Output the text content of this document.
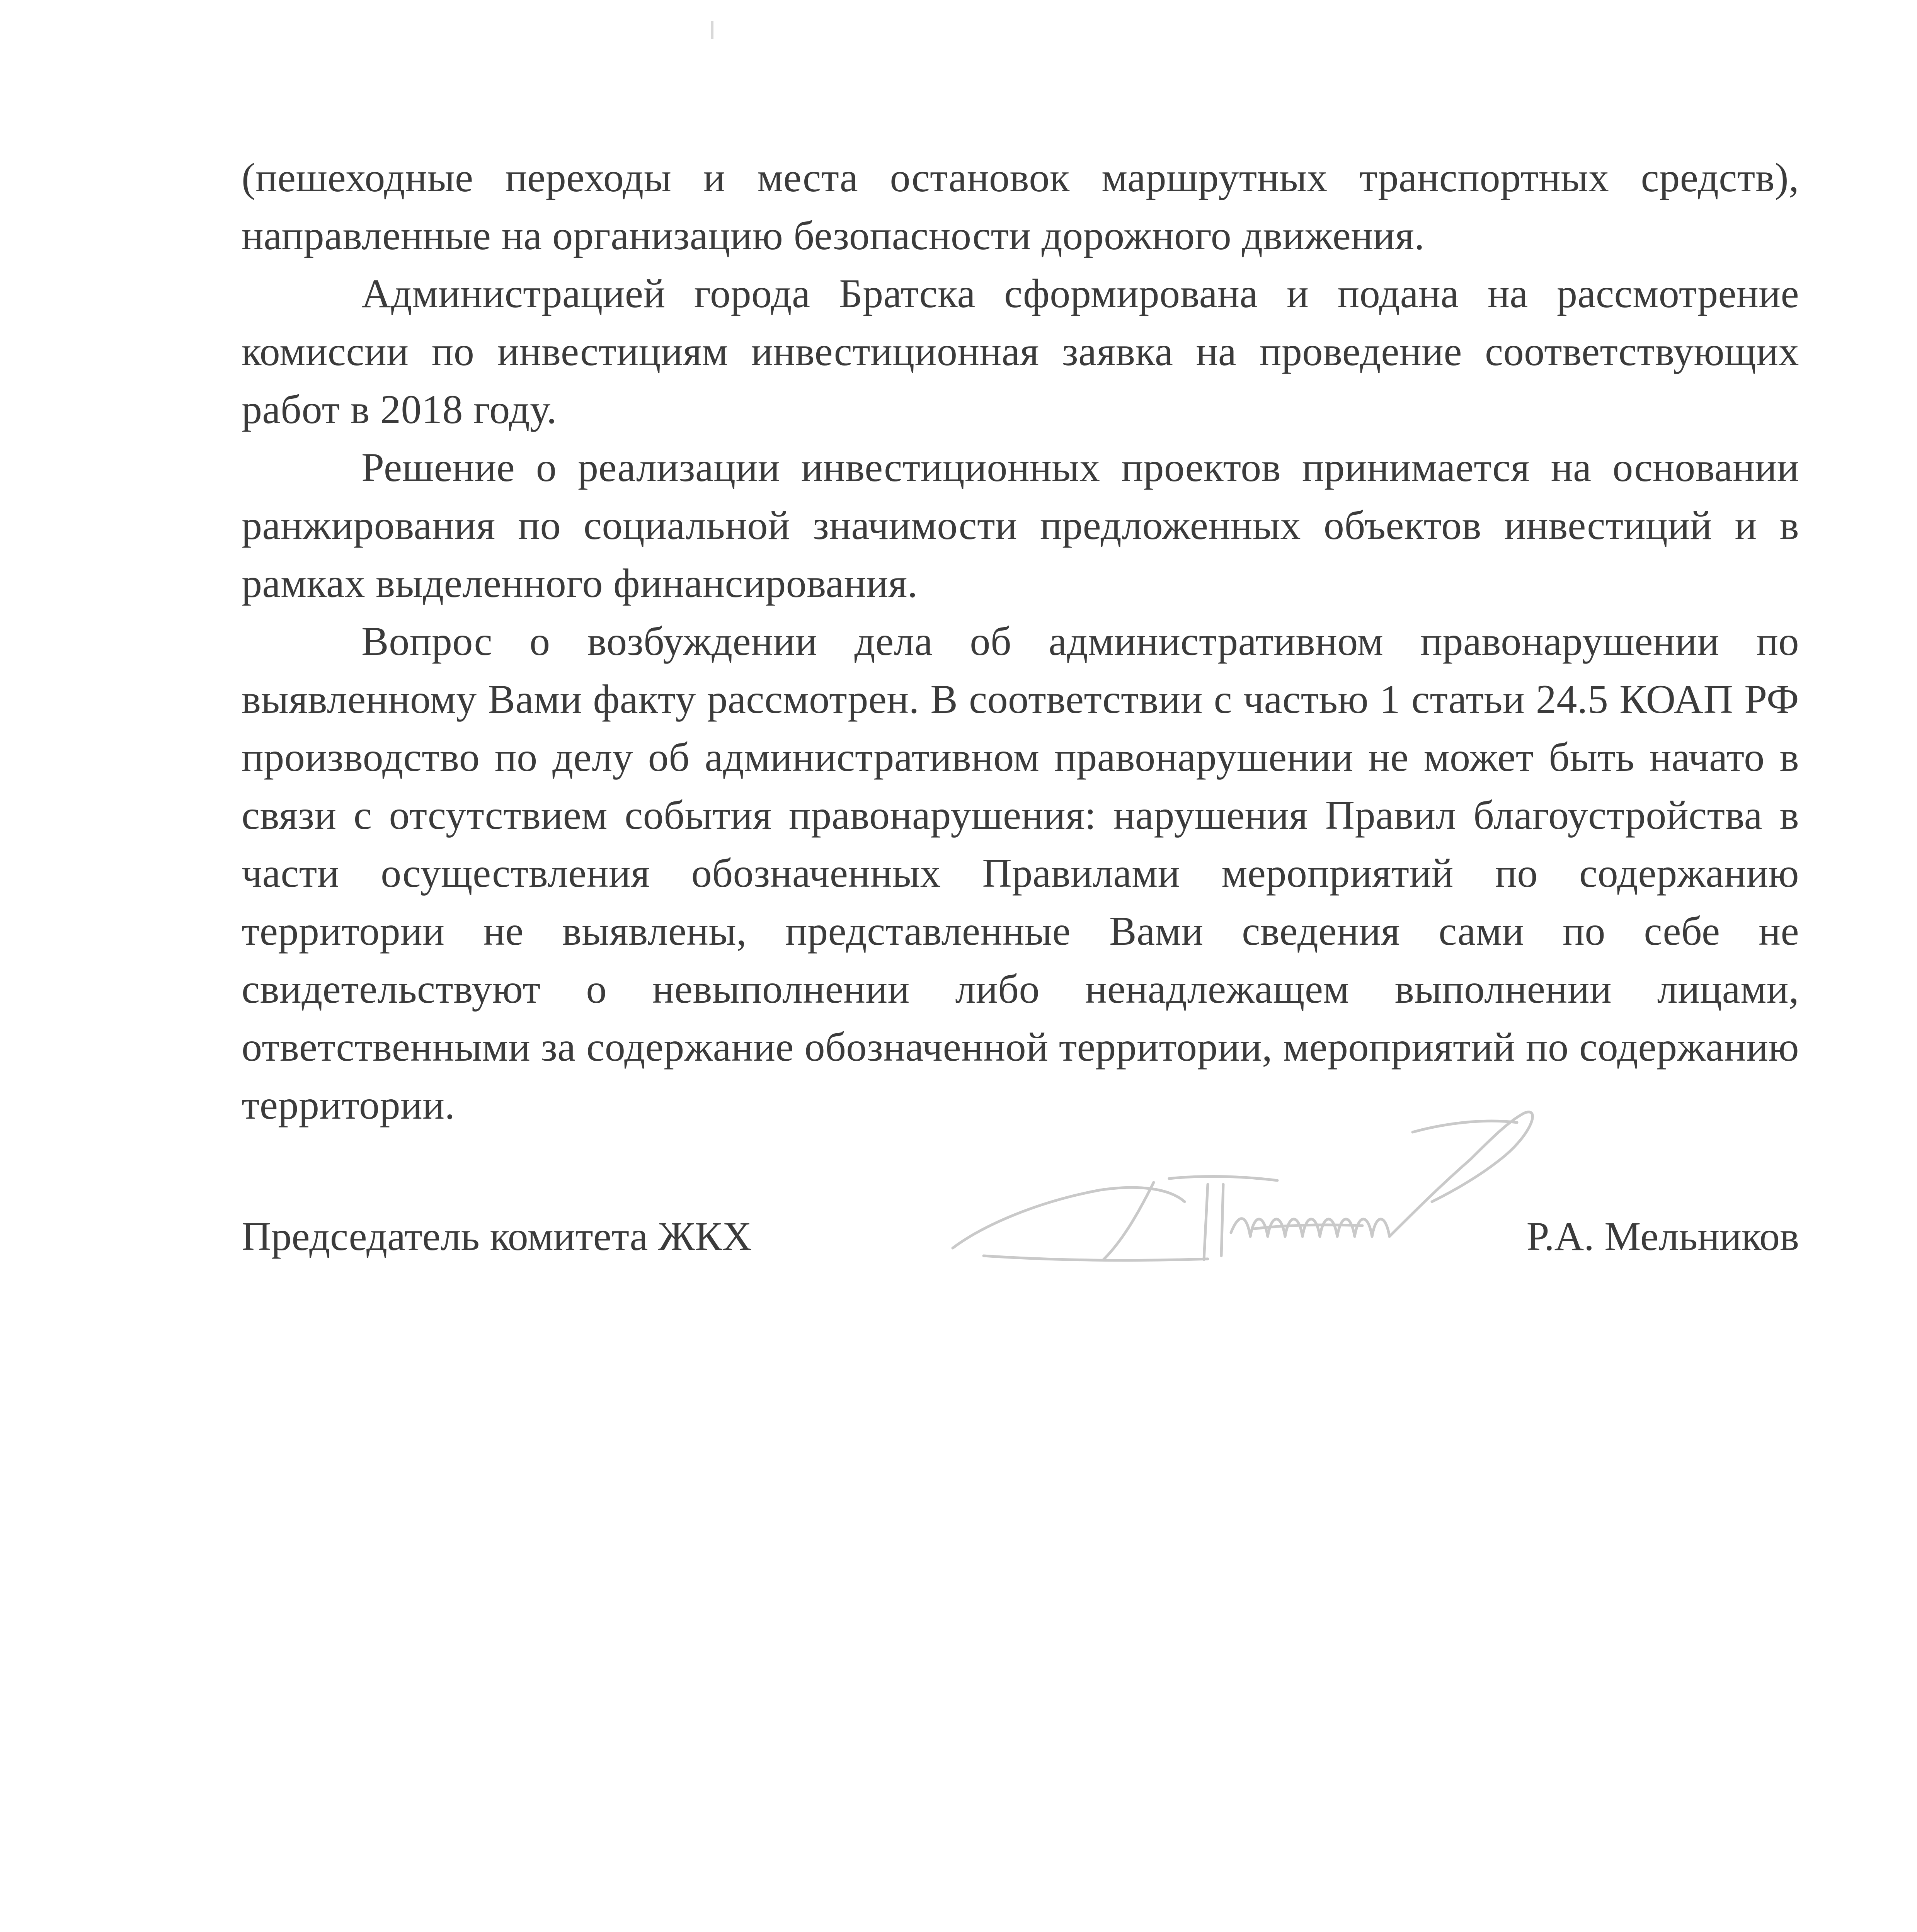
(пешеходные переходы и места остановок маршрутных транспортных средств), направленные на организацию безопасности дорожного движения.

Администрацией города Братска сформирована и подана на рассмотрение комиссии по инвестициям инвестиционная заявка на проведение соответствующих работ в 2018 году.

Решение о реализации инвестиционных проектов принимается на основании ранжирования по социальной значимости предложенных объектов инвестиций и в рамках выделенного финансирования.

Вопрос о возбуждении дела об административном правонарушении по выявленному Вами факту рассмотрен. В соответствии с частью 1 статьи 24.5 КОАП РФ производство по делу об административном правонарушении не может быть начато в связи с отсутствием события правонарушения: нарушения Правил благоустройства в части осуществления обозначенных Правилами мероприятий по содержанию территории не выявлены, представленные Вами сведения сами по себе не свидетельствуют о невыполнении либо ненадлежащем выполнении лицами, ответственными за содержание обозначенной территории, мероприятий по содержанию территории.

Председатель комитета ЖКХ	Р.А. Мельников
